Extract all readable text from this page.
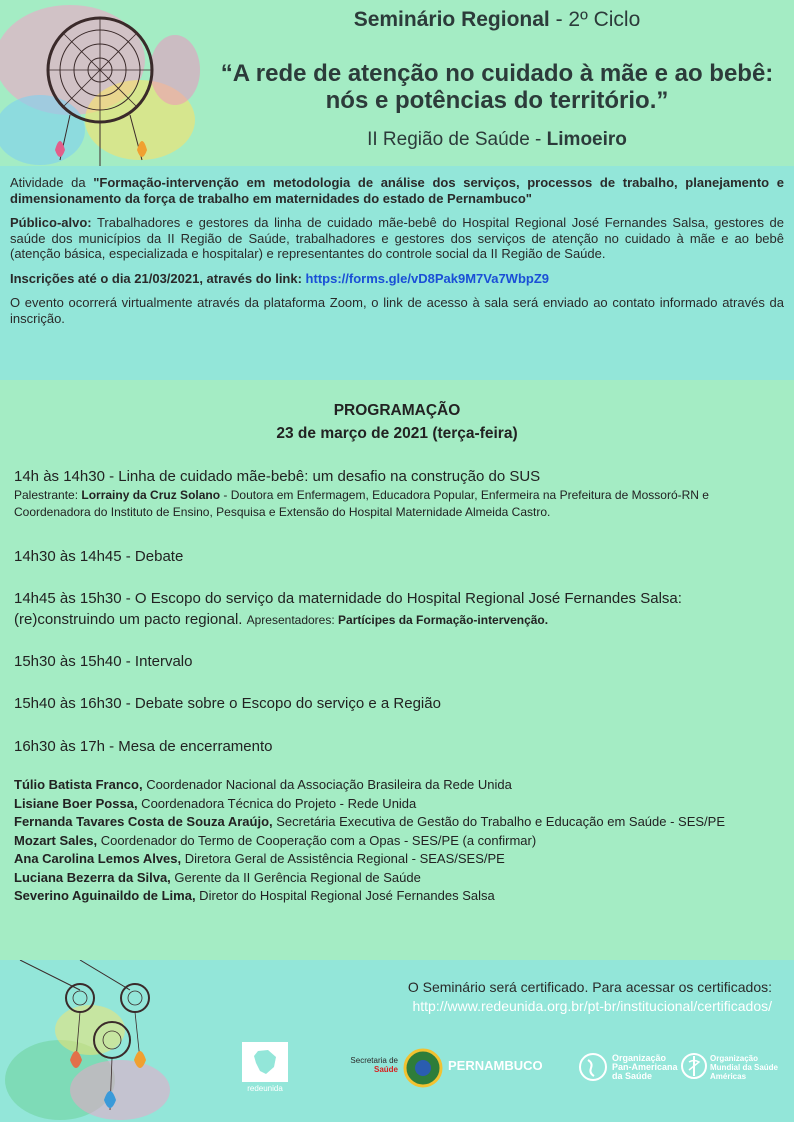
Seminário Regional - 2º Ciclo
“A rede de atenção no cuidado à mãe e ao bebê:
nós e potências do território.”
II Região de Saúde - Limoeiro

Atividade da "Formação-intervenção em metodologia de análise dos serviços, processos de trabalho, planejamento e dimensionamento da força de trabalho em maternidades do estado de Pernambuco"

Público-alvo: Trabalhadores e gestores da linha de cuidado mãe-bebê do Hospital Regional José Fernandes Salsa, gestores de saúde dos municípios da II Região de Saúde, trabalhadores e gestores dos serviços de atenção no cuidado à mãe e ao bebê (atenção básica, especializada e hospitalar) e representantes do controle social da II Região de Saúde.

Inscrições até o dia 21/03/2021, através do link: https://forms.gle/vD8Pak9M7Va7WbpZ9

O evento ocorrerá virtualmente através da plataforma Zoom, o link de acesso à sala será enviado ao contato informado através da inscrição.

PROGRAMAÇÃO
23 de março de 2021 (terça-feira)
14h às 14h30 - Linha de cuidado mãe-bebê: um desafio na construção do SUS
Palestrante: Lorrainy da Cruz Solano - Doutora em Enfermagem, Educadora Popular, Enfermeira na Prefeitura de Mossoró-RN e Coordenadora do Instituto de Ensino, Pesquisa e Extensão do Hospital Maternidade Almeida Castro.
14h30 às 14h45 - Debate
14h45 às 15h30 - O Escopo do serviço da maternidade do Hospital Regional José Fernandes Salsa:
(re)construindo um pacto regional. Apresentadores: Partícipes da Formação-intervenção.
15h30 às 15h40 - Intervalo
15h40 às 16h30 - Debate sobre o Escopo do serviço e a Região
16h30 às 17h - Mesa de encerramento
Túlio Batista Franco, Coordenador Nacional da Associação Brasileira da Rede Unida
Lisiane Boer Possa, Coordenadora Técnica do Projeto - Rede Unida
Fernanda Tavares Costa de Souza Araújo, Secretária Executiva de Gestão do Trabalho e Educação em Saúde - SES/PE
Mozart Sales, Coordenador do Termo de Cooperação com a Opas - SES/PE (a confirmar)
Ana Carolina Lemos Alves, Diretora Geral de Assistência Regional - SEAS/SES/PE
Luciana Bezerra da Silva, Gerente da II Gerência Regional de Saúde
Severino Aguinaildo de Lima, Diretor do Hospital Regional José Fernandes Salsa
O Seminário será certificado. Para acessar os certificados:
http://www.redeunida.org.br/pt-br/institucional/certificados/
redeunida
Secretaria de
Saúde	PERNAMBUCO	Organização
Pan-Americana
da Saúde
Organização
Mundial da Saúde
Américas
